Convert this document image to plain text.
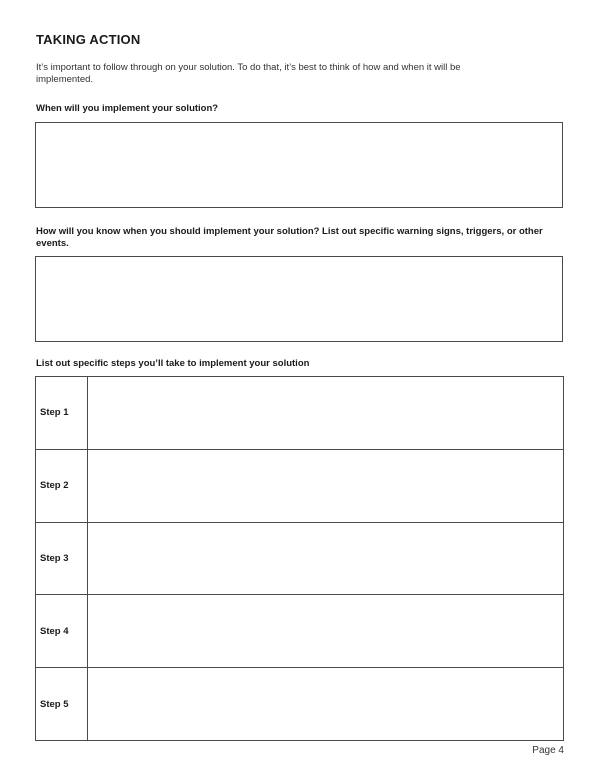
TAKING ACTION
It’s important to follow through on your solution. To do that, it’s best to think of how and when it will be implemented.
When will you implement your solution?
How will you know when you should implement your solution? List out specific warning signs, triggers, or other events.
List out specific steps you’ll take to implement your solution
Step 1	
Step 2	
Step 3	
Step 4	
Step 5	
Page 4
